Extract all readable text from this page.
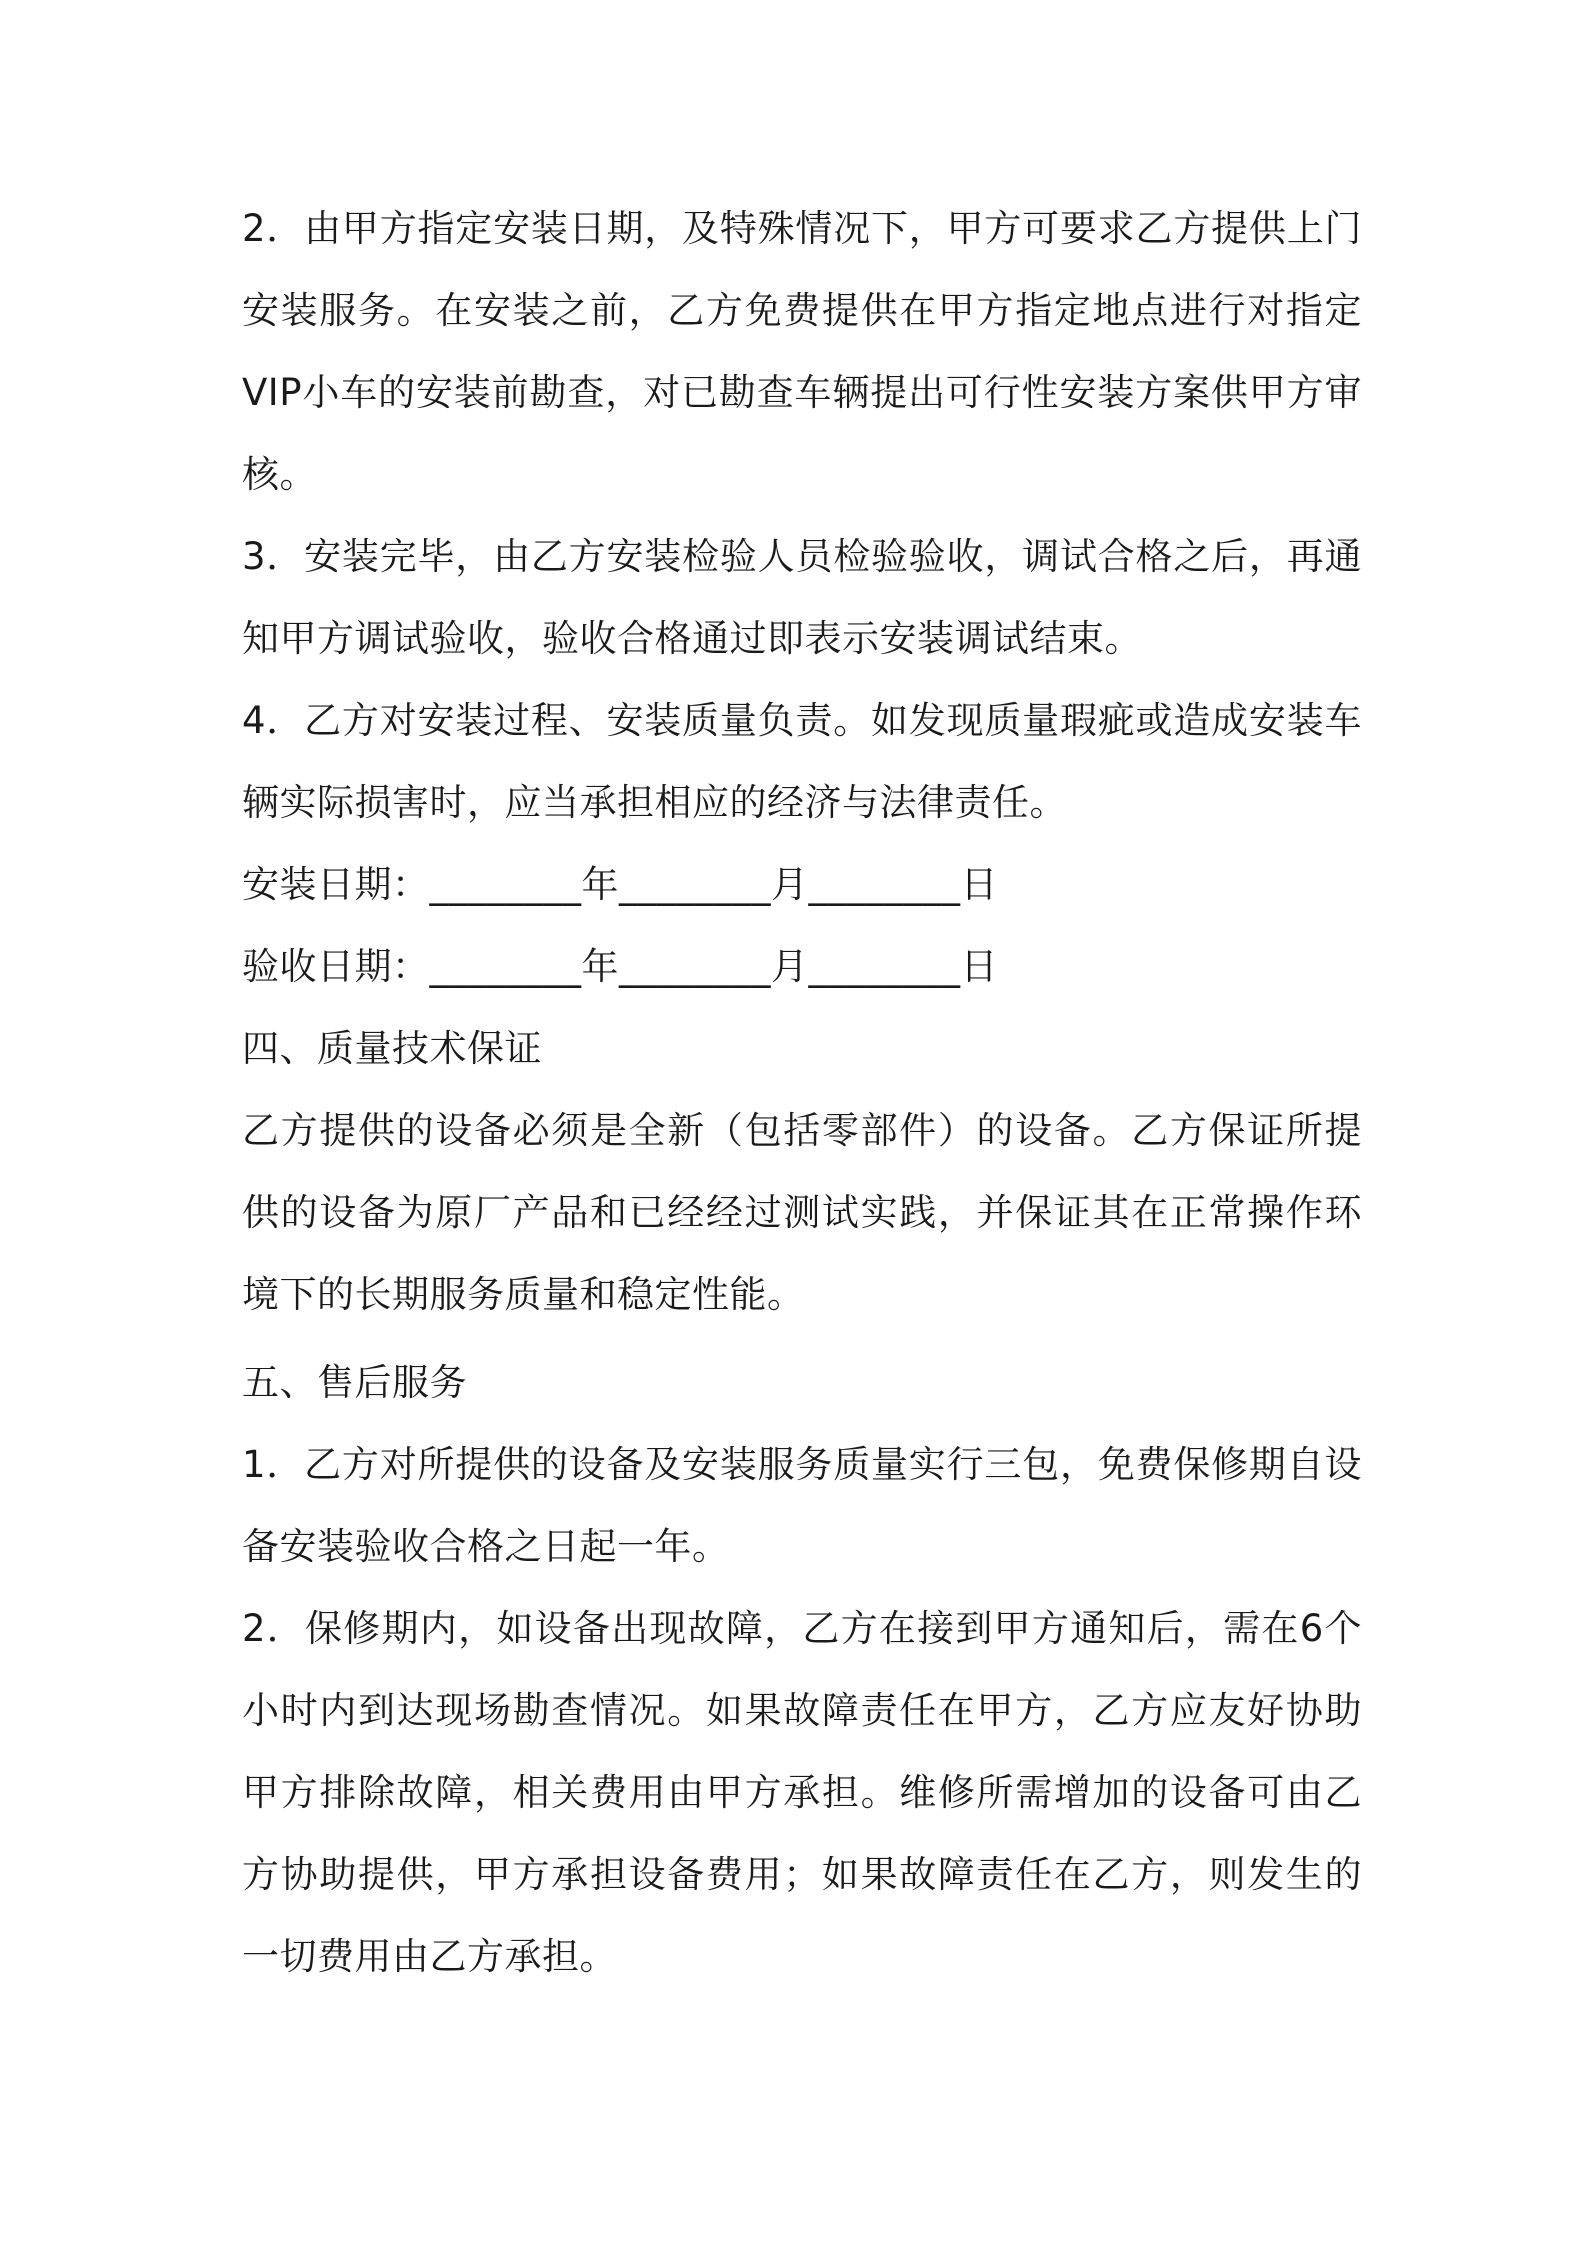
2．由甲方指定安装日期，及特殊情况下，甲方可要求乙方提供上门安装服务。在安装之前，乙方免费提供在甲方指定地点进行对指定VIP小车的安装前勘查，对已勘查车辆提出可行性安装方案供甲方审核。

3．安装完毕，由乙方安装检验人员检验验收，调试合格之后，再通知甲方调试验收，验收合格通过即表示安装调试结束。

4．乙方对安装过程、安装质量负责。如发现质量瑕疵或造成安装车辆实际损害时，应当承担相应的经济与法律责任。

安装日期：________年________月________日

验收日期：________年________月________日

四、质量技术保证

乙方提供的设备必须是全新（包括零部件）的设备。乙方保证所提供的设备为原厂产品和已经经过测试实践，并保证其在正常操作环境下的长期服务质量和稳定性能。

五、售后服务

1．乙方对所提供的设备及安装服务质量实行三包，免费保修期自设备安装验收合格之日起一年。

2．保修期内，如设备出现故障，乙方在接到甲方通知后，需在6个小时内到达现场勘查情况。如果故障责任在甲方，乙方应友好协助甲方排除故障，相关费用由甲方承担。维修所需增加的设备可由乙方协助提供，甲方承担设备费用；如果故障责任在乙方，则发生的一切费用由乙方承担。
